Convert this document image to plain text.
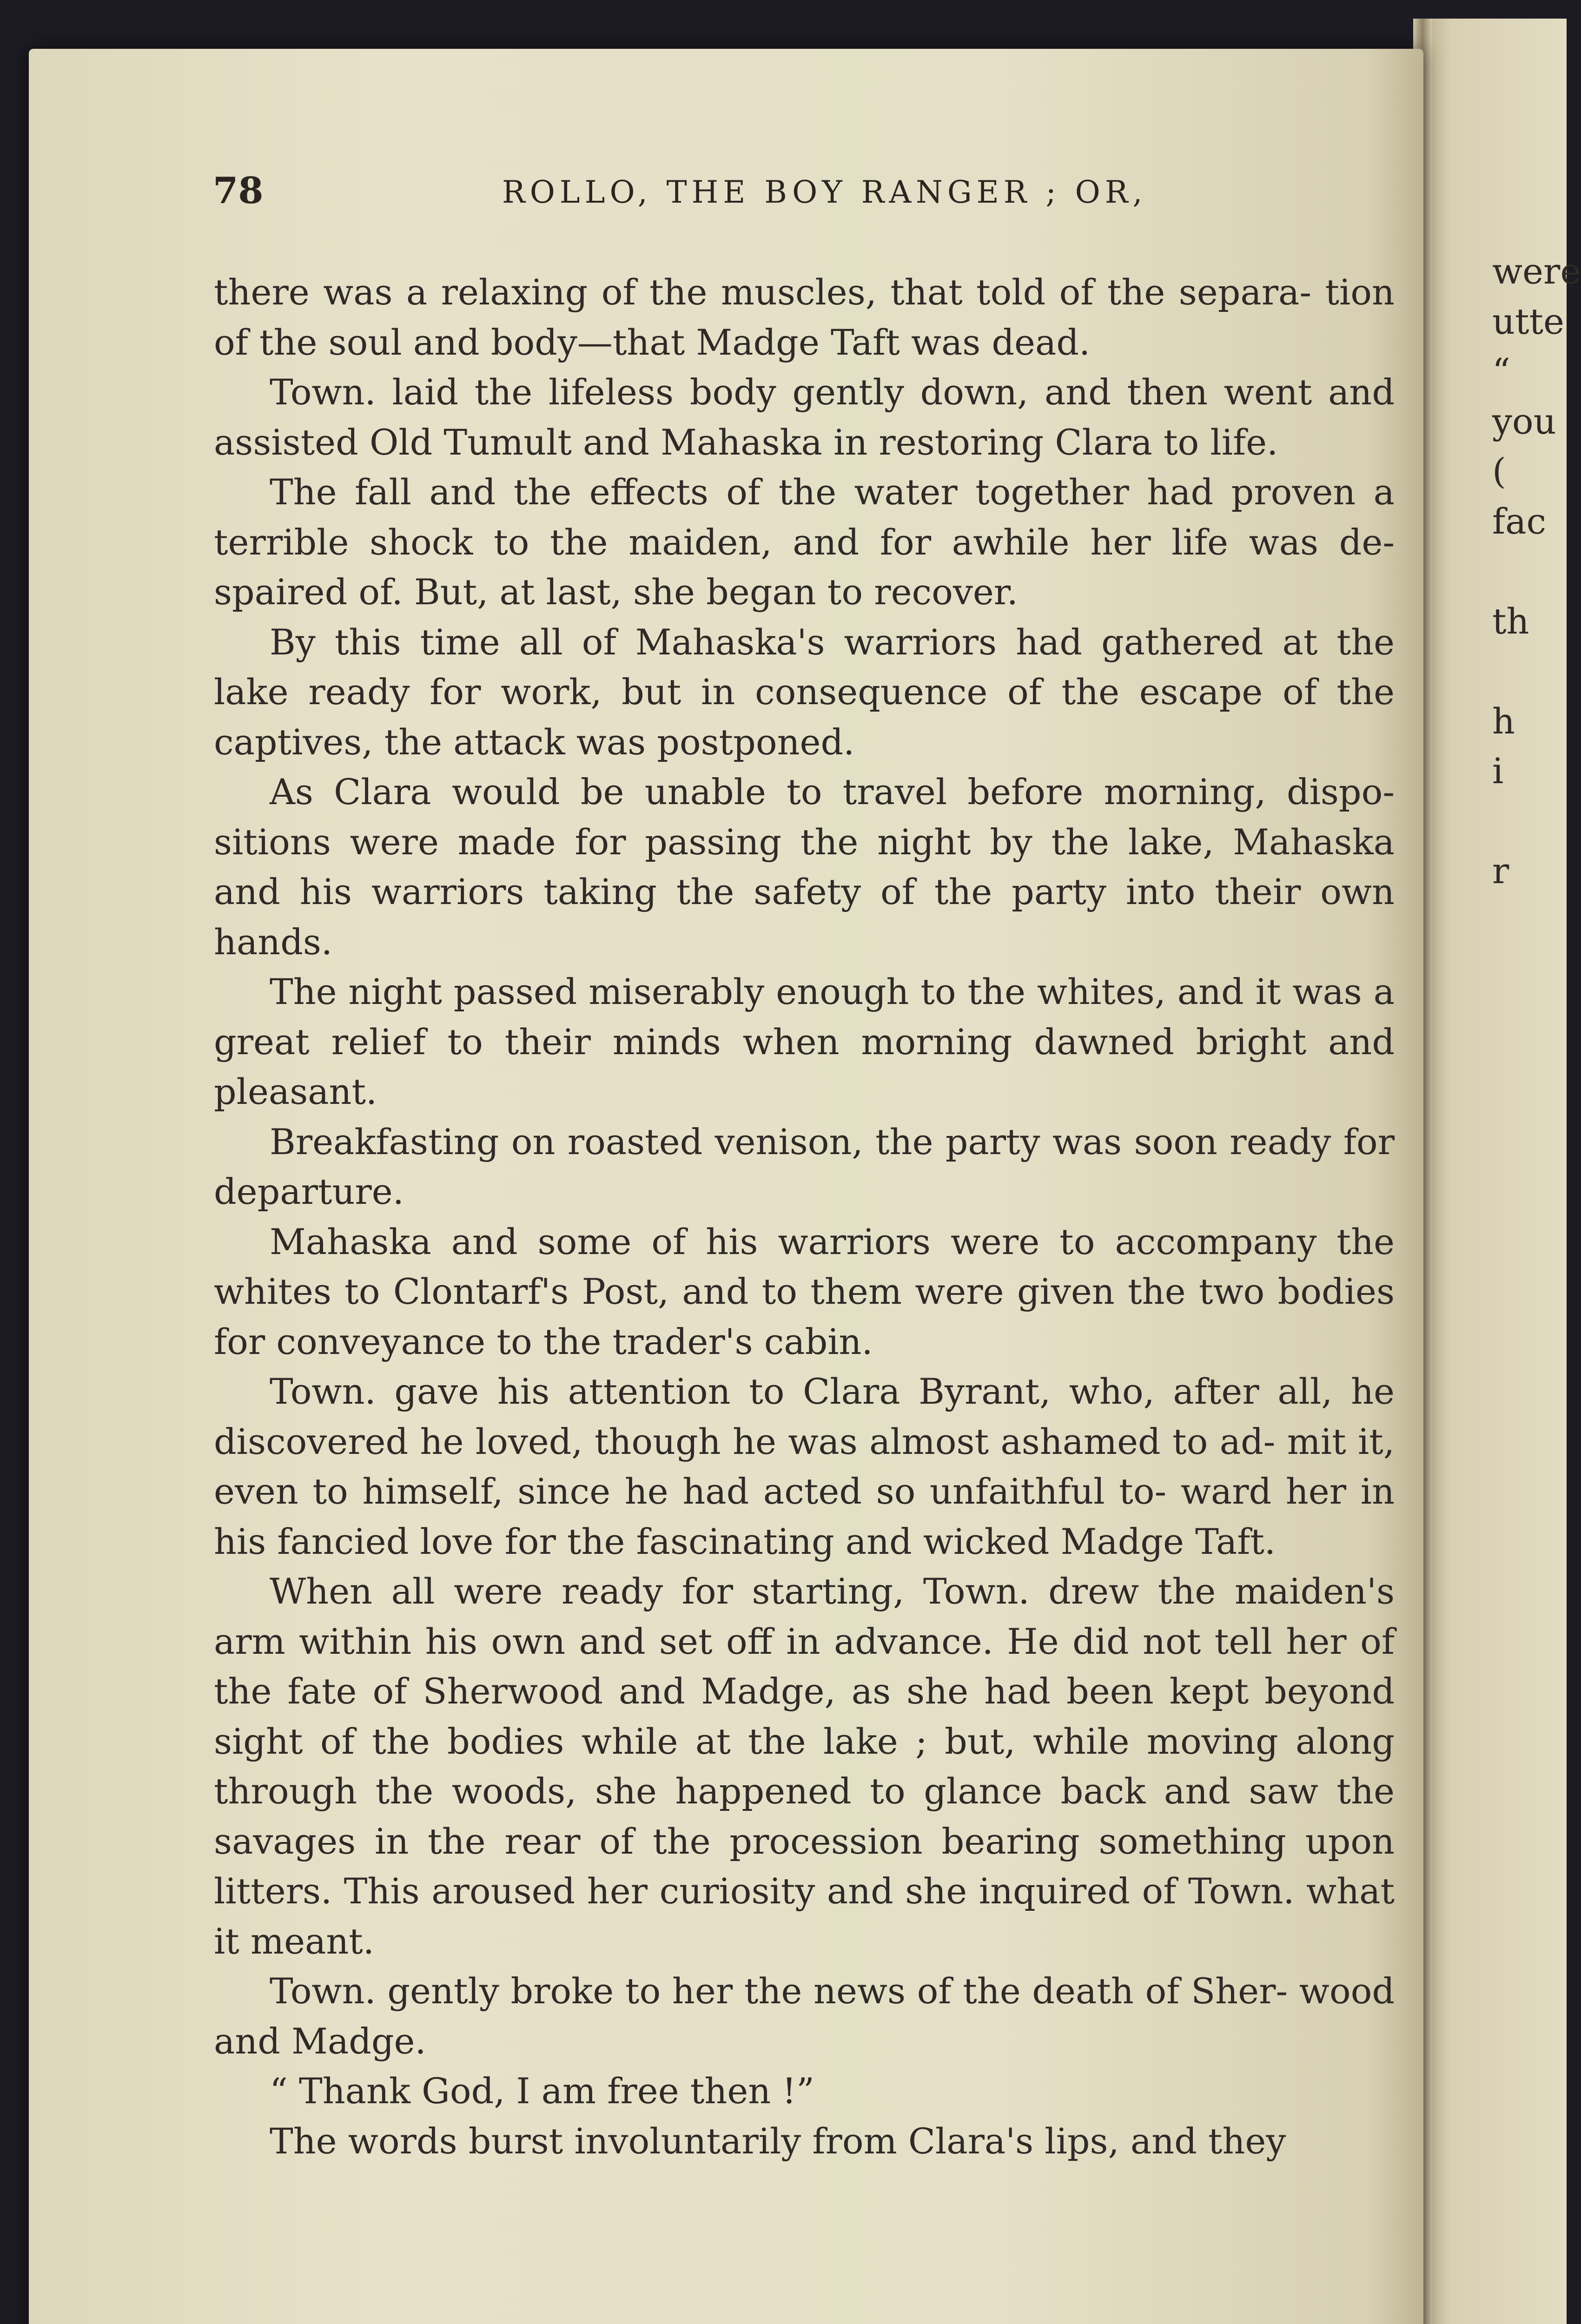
were
utte
“
you
(
fac

th

h
i

r
78	ROLLO, THE BOY RANGER ; OR,

there was a relaxing of the muscles, that told of the separa- tion of the soul and body—that Madge Taft was dead.

Town. laid the lifeless body gently down, and then went and assisted Old Tumult and Mahaska in restoring Clara to life.

The fall and the effects of the water together had proven a terrible shock to the maiden, and for awhile her life was de- spaired of. But, at last, she began to recover.

By this time all of Mahaska's warriors had gathered at the lake ready for work, but in consequence of the escape of the captives, the attack was postponed.

As Clara would be unable to travel before morning, dispo- sitions were made for passing the night by the lake, Mahaska and his warriors taking the safety of the party into their own hands.

The night passed miserably enough to the whites, and it was a great relief to their minds when morning dawned bright and pleasant.

Breakfasting on roasted venison, the party was soon ready for departure.

Mahaska and some of his warriors were to accompany the whites to Clontarf's Post, and to them were given the two bodies for conveyance to the trader's cabin.

Town. gave his attention to Clara Byrant, who, after all, he discovered he loved, though he was almost ashamed to ad- mit it, even to himself, since he had acted so unfaithful to- ward her in his fancied love for the fascinating and wicked Madge Taft.

When all were ready for starting, Town. drew the maiden's arm within his own and set off in advance. He did not tell her of the fate of Sherwood and Madge, as she had been kept beyond sight of the bodies while at the lake ; but, while moving along through the woods, she happened to glance back and saw the savages in the rear of the procession bearing something upon litters. This aroused her curiosity and she inquired of Town. what it meant.

Town. gently broke to her the news of the death of Sher- wood and Madge.

“ Thank God, I am free then !”

The words burst involuntarily from Clara's lips, and they
